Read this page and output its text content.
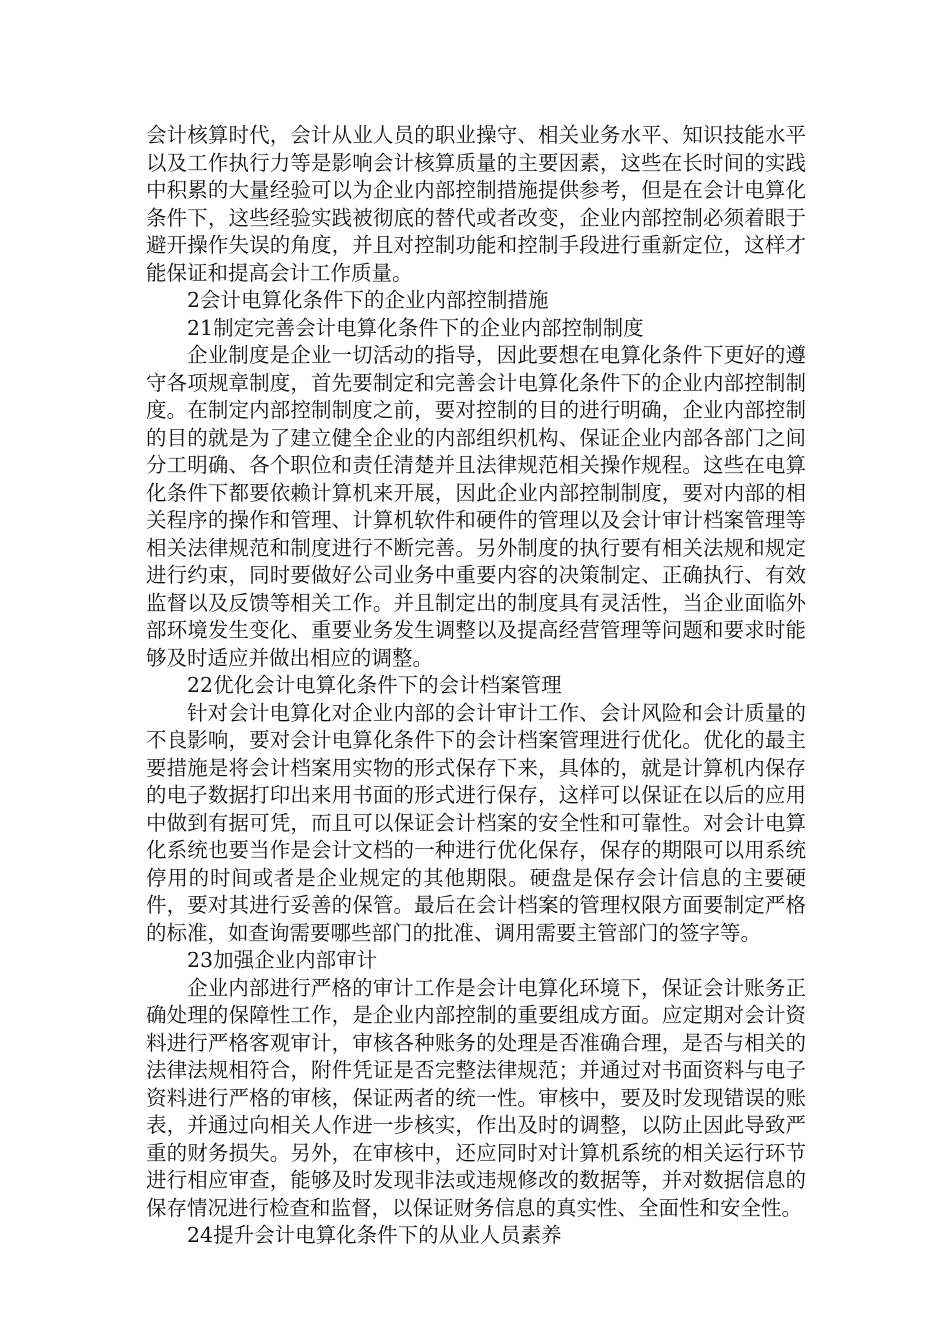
会计核算时代，会计从业人员的职业操守、相关业务水平、知识技能水平以及工作执行力等是影响会计核算质量的主要因素，这些在长时间的实践中积累的大量经验可以为企业内部控制措施提供参考，但是在会计电算化条件下，这些经验实践被彻底的替代或者改变，企业内部控制必须着眼于避开操作失误的角度，并且对控制功能和控制手段进行重新定位，这样才能保证和提高会计工作质量。

2会计电算化条件下的企业内部控制措施

21制定完善会计电算化条件下的企业内部控制制度

企业制度是企业一切活动的指导，因此要想在电算化条件下更好的遵守各项规章制度，首先要制定和完善会计电算化条件下的企业内部控制制度。在制定内部控制制度之前，要对控制的目的进行明确，企业内部控制的目的就是为了建立健全企业的内部组织机构、保证企业内部各部门之间分工明确、各个职位和责任清楚并且法律规范相关操作规程。这些在电算化条件下都要依赖计算机来开展，因此企业内部控制制度，要对内部的相关程序的操作和管理、计算机软件和硬件的管理以及会计审计档案管理等相关法律规范和制度进行不断完善。另外制度的执行要有相关法规和规定进行约束，同时要做好公司业务中重要内容的决策制定、正确执行、有效监督以及反馈等相关工作。并且制定出的制度具有灵活性，当企业面临外部环境发生变化、重要业务发生调整以及提高经营管理等问题和要求时能够及时适应并做出相应的调整。

22优化会计电算化条件下的会计档案管理

针对会计电算化对企业内部的会计审计工作、会计风险和会计质量的不良影响，要对会计电算化条件下的会计档案管理进行优化。优化的最主要措施是将会计档案用实物的形式保存下来，具体的，就是计算机内保存的电子数据打印出来用书面的形式进行保存，这样可以保证在以后的应用中做到有据可凭，而且可以保证会计档案的安全性和可靠性。对会计电算化系统也要当作是会计文档的一种进行优化保存，保存的期限可以用系统停用的时间或者是企业规定的其他期限。硬盘是保存会计信息的主要硬件，要对其进行妥善的保管。最后在会计档案的管理权限方面要制定严格的标准，如查询需要哪些部门的批准、调用需要主管部门的签字等。

23加强企业内部审计

企业内部进行严格的审计工作是会计电算化环境下，保证会计账务正确处理的保障性工作，是企业内部控制的重要组成方面。应定期对会计资料进行严格客观审计，审核各种账务的处理是否准确合理，是否与相关的法律法规相符合，附件凭证是否完整法律规范；并通过对书面资料与电子资料进行严格的审核，保证两者的统一性。审核中，要及时发现错误的账表，并通过向相关人作进一步核实，作出及时的调整，以防止因此导致严重的财务损失。另外，在审核中，还应同时对计算机系统的相关运行环节进行相应审查，能够及时发现非法或违规修改的数据等，并对数据信息的保存情况进行检查和监督，以保证财务信息的真实性、全面性和安全性。

24提升会计电算化条件下的从业人员素养
